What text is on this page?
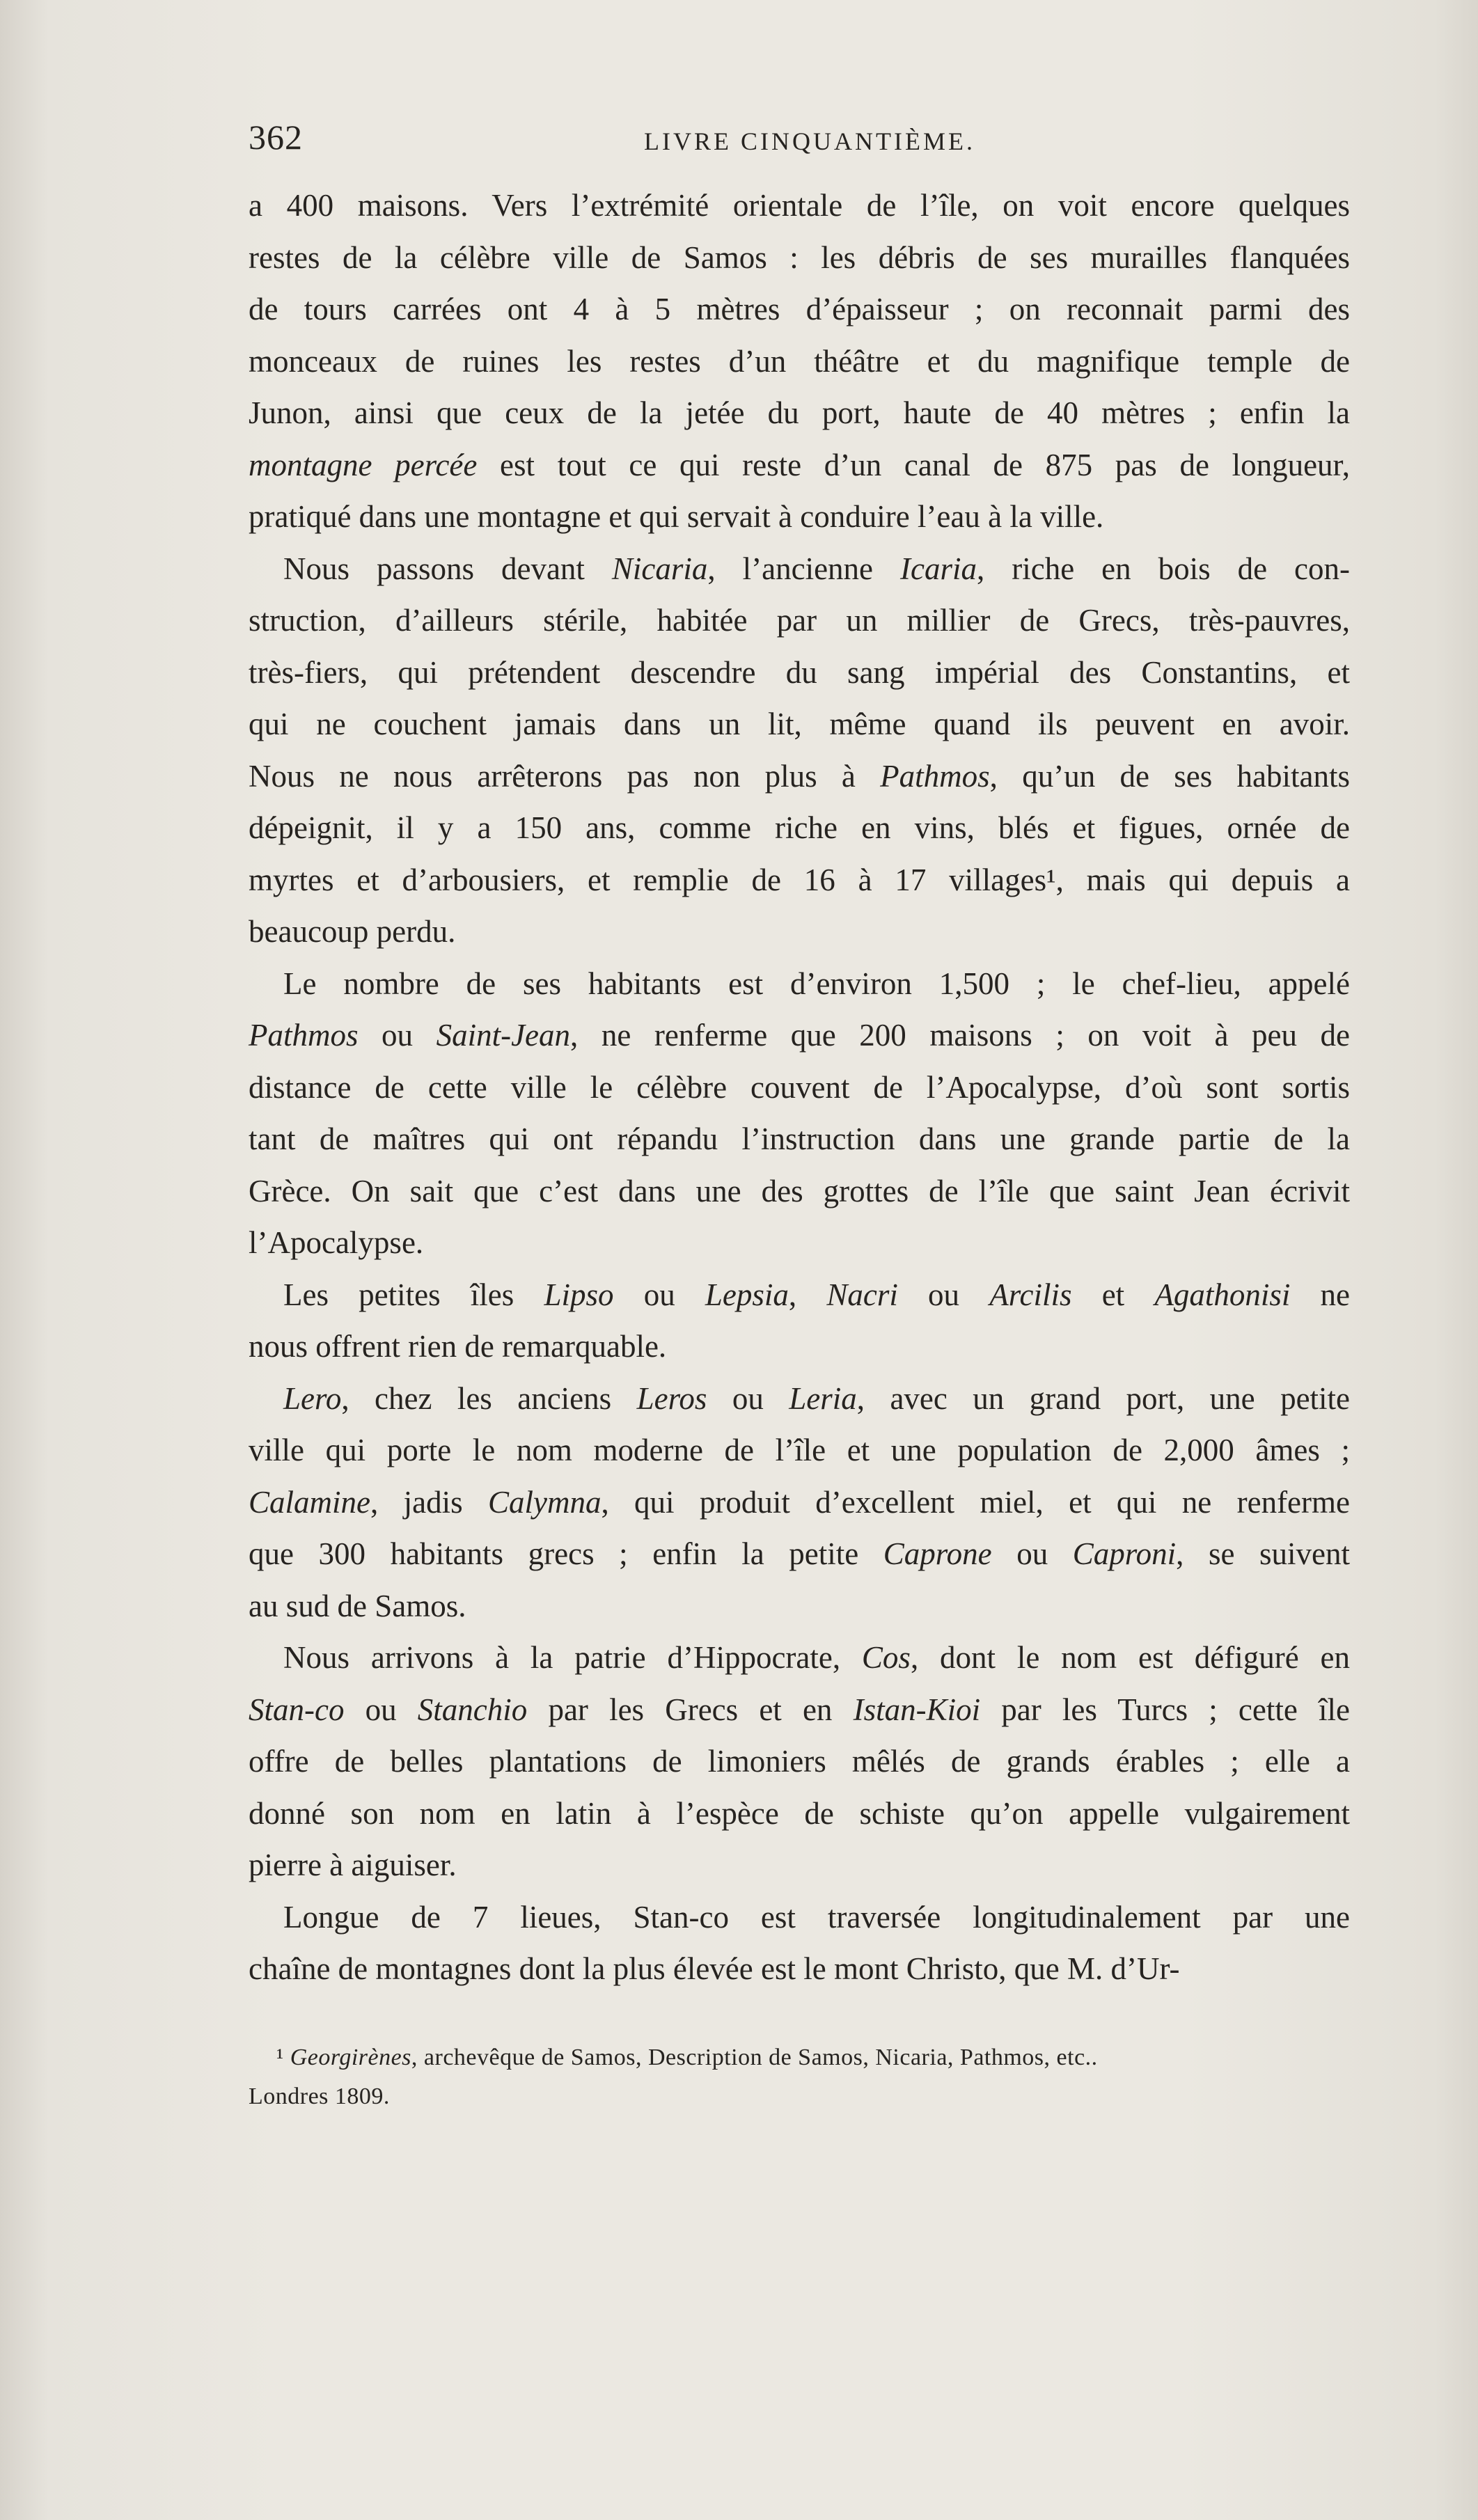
362	LIVRE CINQUANTIÈME.

a 400 maisons. Vers l’extrémité orientale de l’île, on voit encore quelques
restes de la célèbre ville de Samos : les débris de ses murailles flanquées
de tours carrées ont 4 à 5 mètres d’épaisseur ; on reconnait parmi des
monceaux de ruines les restes d’un théâtre et du magnifique temple de
Junon, ainsi que ceux de la jetée du port, haute de 40 mètres ; enfin la
montagne percée est tout ce qui reste d’un canal de 875 pas de longueur,
pratiqué dans une montagne et qui servait à conduire l’eau à la ville.

Nous passons devant Nicaria, l’ancienne Icaria, riche en bois de con-
struction, d’ailleurs stérile, habitée par un millier de Grecs, très-pauvres,
très-fiers, qui prétendent descendre du sang impérial des Constantins, et
qui ne couchent jamais dans un lit, même quand ils peuvent en avoir.
Nous ne nous arrêterons pas non plus à Pathmos, qu’un de ses habitants
dépeignit, il y a 150 ans, comme riche en vins, blés et figues, ornée de
myrtes et d’arbousiers, et remplie de 16 à 17 villages¹, mais qui depuis a
beaucoup perdu.

Le nombre de ses habitants est d’environ 1,500 ; le chef-lieu, appelé
Pathmos ou Saint-Jean, ne renferme que 200 maisons ; on voit à peu de
distance de cette ville le célèbre couvent de l’Apocalypse, d’où sont sortis
tant de maîtres qui ont répandu l’instruction dans une grande partie de la
Grèce. On sait que c’est dans une des grottes de l’île que saint Jean écrivit
l’Apocalypse.

Les petites îles Lipso ou Lepsia, Nacri ou Arcilis et Agathonisi ne
nous offrent rien de remarquable.

Lero, chez les anciens Leros ou Leria, avec un grand port, une petite
ville qui porte le nom moderne de l’île et une population de 2,000 âmes ;
Calamine, jadis Calymna, qui produit d’excellent miel, et qui ne renferme
que 300 habitants grecs ; enfin la petite Caprone ou Caproni, se suivent
au sud de Samos.

Nous arrivons à la patrie d’Hippocrate, Cos, dont le nom est défiguré en
Stan-co ou Stanchio par les Grecs et en Istan-Kioi par les Turcs ; cette île
offre de belles plantations de limoniers mêlés de grands érables ; elle a
donné son nom en latin à l’espèce de schiste qu’on appelle vulgairement
pierre à aiguiser.

Longue de 7 lieues, Stan-co est traversée longitudinalement par une
chaîne de montagnes dont la plus élevée est le mont Christo, que M. d’Ur-

¹ Georgirènes, archevêque de Samos, Description de Samos, Nicaria, Pathmos, etc..
Londres 1809.
